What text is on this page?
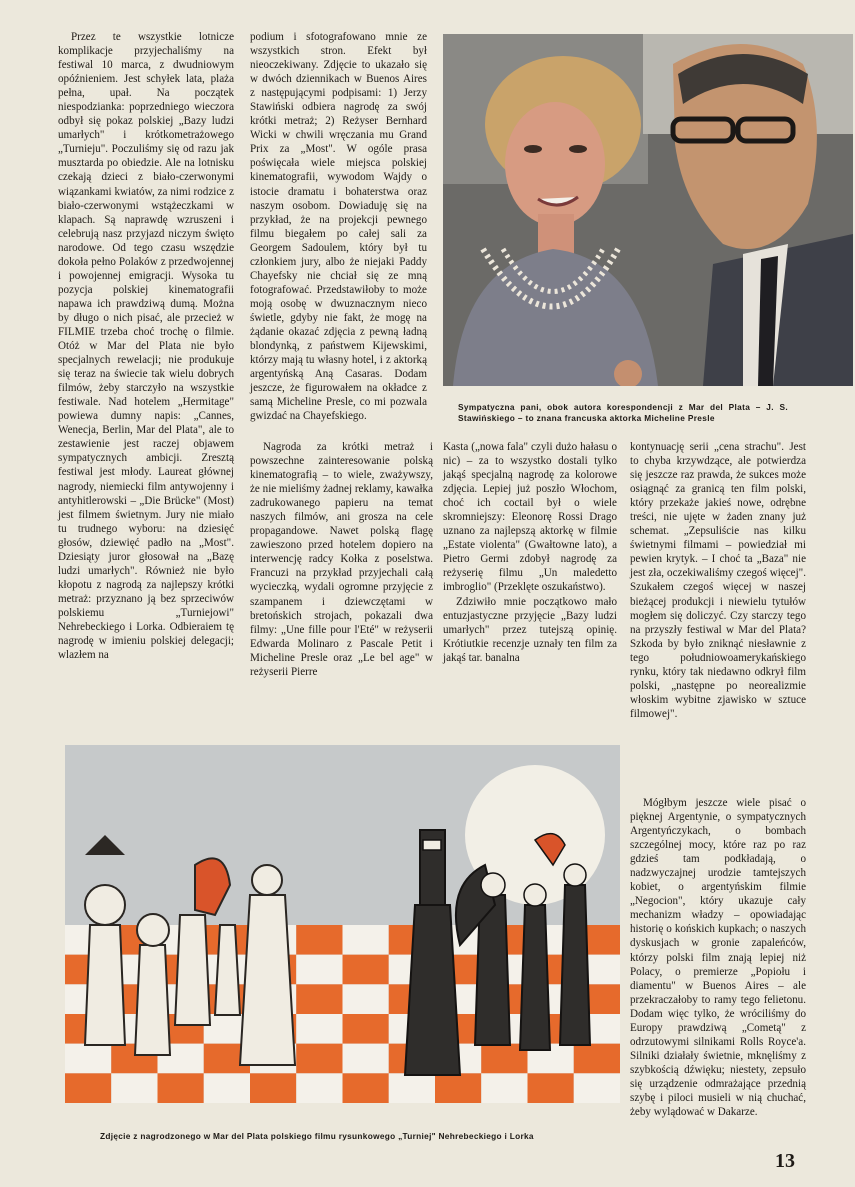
Przez te wszystkie lotnicze komplikacje przyjechaliśmy na festiwal 10 marca, z dwudniowym opóźnieniem. Jest schyłek lata, plaża pełna, upał. Na początek niespodzianka: poprzedniego wieczora odbył się pokaz polskiej „Bazy ludzi umarłych" i krótkometrażowego „Turnieju". Poczuliśmy się od razu jak musztarda po obiedzie. Ale na lotnisku czekają dzieci z biało-czerwonymi wiązankami kwiatów, za nimi rodzice z biało-czerwonymi wstążeczkami w klapach. Są naprawdę wzruszeni i celebrują nasz przyjazd niczym święto narodowe. Od tego czasu wszędzie dokoła pełno Polaków z przedwojennej i powojennej emigracji. Wysoka tu pozycja polskiej kinematografii napawa ich prawdziwą dumą. Można by długo o nich pisać, ale przecież w FILMIE trzeba choć trochę o filmie. Otóż w Mar del Plata nie było specjalnych rewelacji; nie produkuje się teraz na świecie tak wielu dobrych filmów, żeby starczyło na wszystkie festiwale. Nad hotelem „Hermitage" powiewa dumny napis: „Cannes, Wenecja, Berlin, Mar del Plata", ale to zestawienie jest raczej objawem sympatycznych ambicji. Zresztą festiwal jest młody. Laureat głównej nagrody, niemiecki film antywojenny i antyhitlerowski – „Die Brücke" (Most) jest filmem świetnym. Jury nie miało tu trudnego wyboru: na dziesięć głosów, dziewięć padło na „Most". Dziesiąty juror głosował na „Bazę ludzi umarłych". Również nie było kłopotu z nagrodą za najlepszy krótki metraż: przyznano ją bez sprzeciwów polskiemu „Turniejowi" Nehrebeckiego i Lorka. Odbieraiem tę nagrodę w imieniu polskiej delegacji; wlazłem na

podium i sfotografowano mnie ze wszystkich stron. Efekt był nieoczekiwany. Zdjęcie to ukazało się w dwóch dziennikach w Buenos Aires z następującymi podpisami: 1) Jerzy Stawiński odbiera nagrodę za swój krótki metraż; 2) Reżyser Bernhard Wicki w chwili wręczania mu Grand Prix za „Most". W ogóle prasa poświęcała wiele miejsca polskiej kinematografii, wywodom Wajdy o istocie dramatu i bohaterstwa oraz naszym osobom. Dowiaduję się na przykład, że na projekcji pewnego filmu biegałem po całej sali za Georgem Sadoulem, który był tu członkiem jury, albo że niejaki Paddy Chayefsky nie chciał się ze mną fotografować. Przedstawiłoby to może moją osobę w dwuznacznym nieco świetle, gdyby nie fakt, że mogę na żądanie okazać zdjęcia z pewną ładną blondynką, z państwem Kijewskimi, którzy mają tu własny hotel, i z aktorką argentyńską Aną Casaras. Dodam jeszcze, że figurowałem na okładce z samą Micheline Presle, co mi pozwala gwizdać na Chayefskiego.

Sympatyczna pani, obok autora korespondencji z Mar del Plata – J. S. Stawińskiego – to znana francuska aktorka Micheline Presle

Nagroda za krótki metraż i powszechne zainteresowanie polską kinematografią – to wiele, zważywszy, że nie mieliśmy żadnej reklamy, kawałka zadrukowanego papieru na temat naszych filmów, ani grosza na cele propagandowe. Nawet polską flagę zawieszono przed hotelem dopiero na interwencję radcy Kołka z poselstwa. Francuzi na przykład przyjechali całą wycieczką, wydali ogromne przyjęcie z szampanem i dziewczętami w bretońskich strojach, pokazali dwa filmy: „Une fille pour l'Eté" w reżyserii Edwarda Molinaro z Pascale Petit i Micheline Presle oraz „Le bel age" w reżyserii Pierre

Kasta („nowa fala" czyli dużo hałasu o nic) – za to wszystko dostali tylko jakąś specjalną nagrodę za kolorowe zdjęcia. Lepiej już poszło Włochom, choć ich coctail był o wiele skromniejszy: Eleonorę Rossi Drago uznano za najlepszą aktorkę w filmie „Estate violenta" (Gwałtowne lato), a Pietro Germi zdobył nagrodę za reżyserię filmu „Un maledetto imbroglio" (Przeklęte oszukaństwo).

Zdziwiło mnie początkowo mało entuzjastyczne przyjęcie „Bazy ludzi umarłych" przez tutejszą opinię. Krótiutkie recenzje uznały ten film za jakąś tar. banalna

kontynuację serii „cena strachu". Jest to chyba krzywdzące, ale potwierdza się jeszcze raz prawda, że sukces może osiągnąć za granicą ten film polski, który przekaże jakieś nowe, odrębne treści, nie ujęte w żaden znany już schemat. „Zepsuliście nas kilku świetnymi filmami – powiedział mi pewien krytyk. – I choć ta „Baza" nie jest zła, oczekiwaliśmy czegoś więcej". Szukałem czegoś więcej w naszej bieżącej produkcji i niewielu tytułów mogłem się doliczyć. Czy starczy tego na przyszły festiwal w Mar del Plata? Szkoda by było zniknąć niesławnie z tego południowoamerykańskiego rynku, który tak niedawno odkrył film polski, „następne po neorealizmie włoskim wybitne zjawisko w sztuce filmowej".

Mógłbym jeszcze wiele pisać o pięknej Argentynie, o sympatycznych Argentyńczykach, o bombach szczególnej mocy, które raz po raz gdzieś tam podkładają, o nadzwyczajnej urodzie tamtejszych kobiet, o argentyńskim filmie „Negocion", który ukazuje cały mechanizm władzy – opowiadając historię o końskich kupkach; o naszych dyskusjach w gronie zapaleńców, którzy polski film znają lepiej niż Polacy, o premierze „Popiołu i diamentu" w Buenos Aires – ale przekraczałoby to ramy tego felietonu. Dodam więc tylko, że wróciliśmy do Europy prawdziwą „Cometą" z odrzutowymi silnikami Rolls Royce'a. Silniki działały świetnie, mknęliśmy z szybkością dźwięku; niestety, zepsuło się urządzenie odmrażające przednią szybę i piloci musieli w nią chuchać, żeby wylądować w Dakarze.

Zdjęcie z nagrodzonego w Mar del Plata polskiego filmu rysunkowego „Turniej" Nehrebeckiego i Lorka
13
